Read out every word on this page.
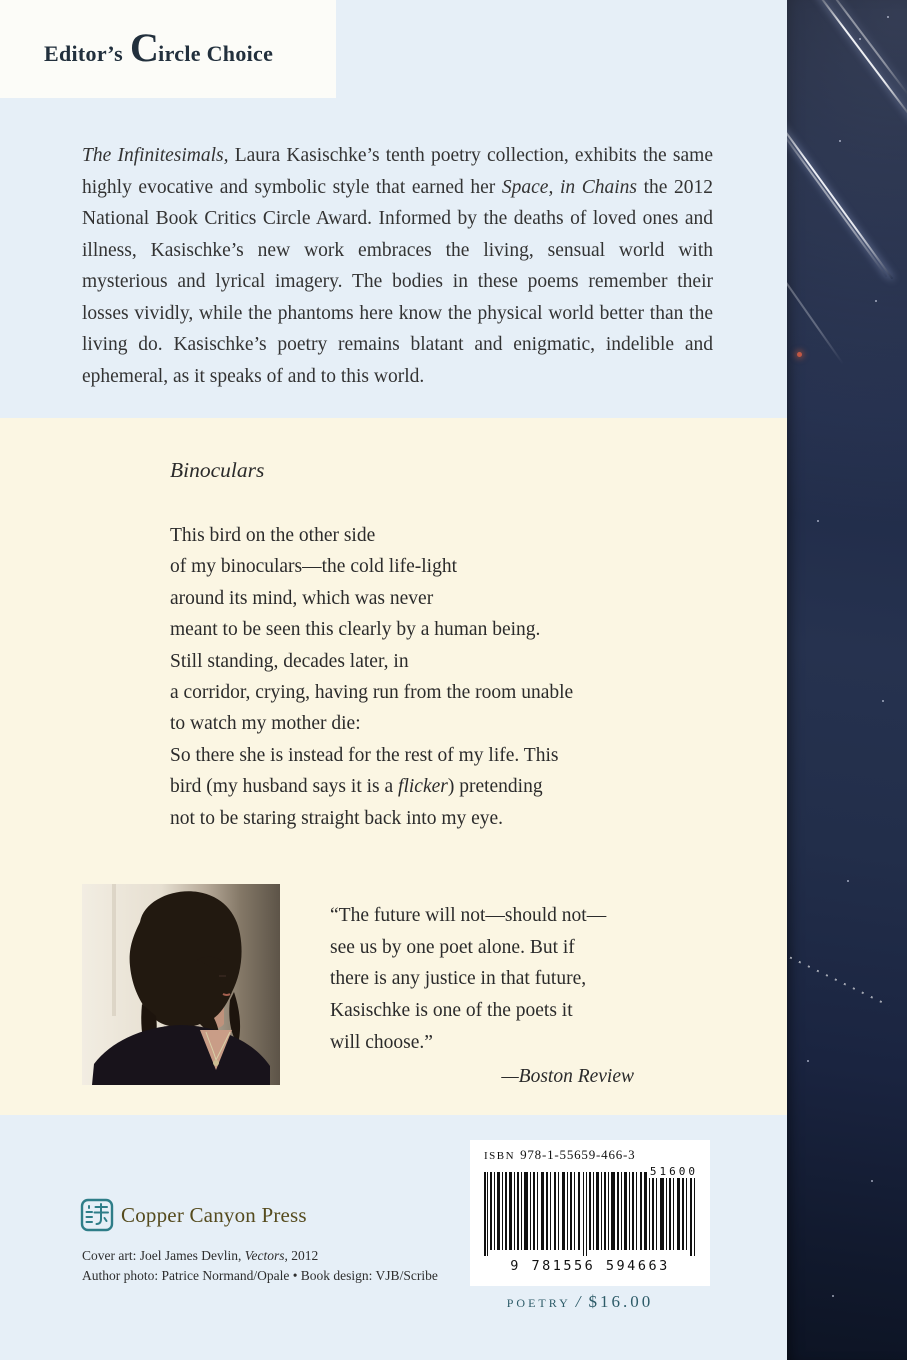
Editor’s C ircle Choice

The Infinitesimals, Laura Kasischke’s tenth poetry collection, exhibits the same highly evocative and symbolic style that earned her Space, in Chains the 2012 National Book Critics Circle Award. Informed by the deaths of loved ones and illness, Kasischke’s new work embraces the living, sensual world with mysterious and lyrical imagery. The bodies in these poems remember their losses vividly, while the phantoms here know the physical world better than the living do. Kasischke’s poetry remains blatant and enigmatic, indelible and ephemeral, as it speaks of and to this world.

Binoculars
This bird on the other side
of my binoculars—the cold life-light
around its mind, which was never
meant to be seen this clearly by a human being.
Still standing, decades later, in
a corridor, crying, having run from the room unable
to watch my mother die:
So there she is instead for the rest of my life. This
bird (my husband says it is a flicker) pretending
not to be staring straight back into my eye.
“The future will not—should not—
see us by one poet alone. But if
there is any justice in that future,
Kasischke is one of the poets it
will choose.”
—Boston Review
Copper Canyon Press
Cover art: Joel James Devlin, Vectors, 2012
Author photo: Patrice Normand/Opale • Book design: VJB/Scribe
ISBN 978-1-55659-466-3
51600
9 781556 594663
poetry / $16.00
